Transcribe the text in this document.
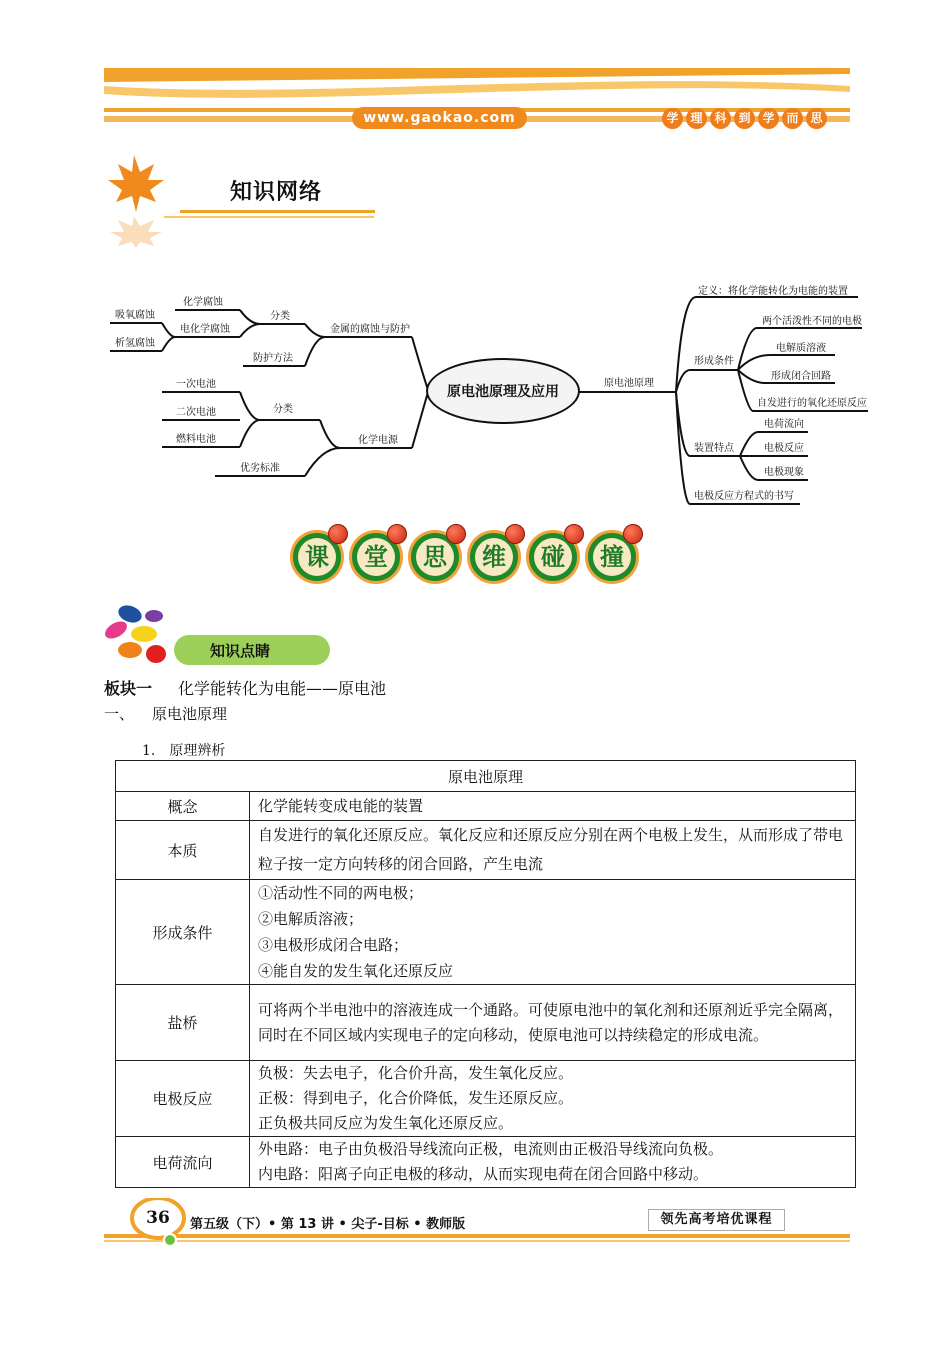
www.gaokao.com	学 理 科 到 学 而 思
知识网络
吸氧腐蚀
析氢腐蚀
化学腐蚀
电化学腐蚀
分类
防护方法
金属的腐蚀与防护
一次电池
二次电池
燃料电池
分类
优劣标准
化学电源
原电池原理及应用
原电池原理
定义：将化学能转化为电能的装置
形成条件
两个活泼性不同的电极
电解质溶液
形成闭合回路
自发进行的氧化还原反应
装置特点
电荷流向
电极反应
电极现象
电极反应方程式的书写
课 堂 思 维 碰 撞
知识点睛
板块一 化学能转化为电能——原电池
一、 原电池原理
1. 原理辨析
原电池原理	
概念	化学能转变成电能的装置

本质	自发进行的氧化还原反应。氧化反应和还原反应分别在两个电极上发生，从而形成了带电粒子按一定方向转移的闭合回路，产生电流

形成条件	①活动性不同的两电极；
②电解质溶液；
③电极形成闭合电路；
④能自发的发生氧化还原反应

盐桥	可将两个半电池中的溶液连成一个通路。可使原电池中的氧化剂和还原剂近乎完全隔离，同时在不同区域内实现电子的定向移动，使原电池可以持续稳定的形成电流。

电极反应	负极：失去电子，化合价升高，发生氧化反应。
正极：得到电子，化合价降低，发生还原反应。
正负极共同反应为发生氧化还原反应。

电荷流向	外电路：电子由负极沿导线流向正极，电流则由正极沿导线流向负极。
内电路：阳离子向正电极的移动，从而实现电荷在闭合回路中移动。
36	第五级（下）• 第 13 讲 • 尖子-目标 • 教师版	领先高考培优课程
